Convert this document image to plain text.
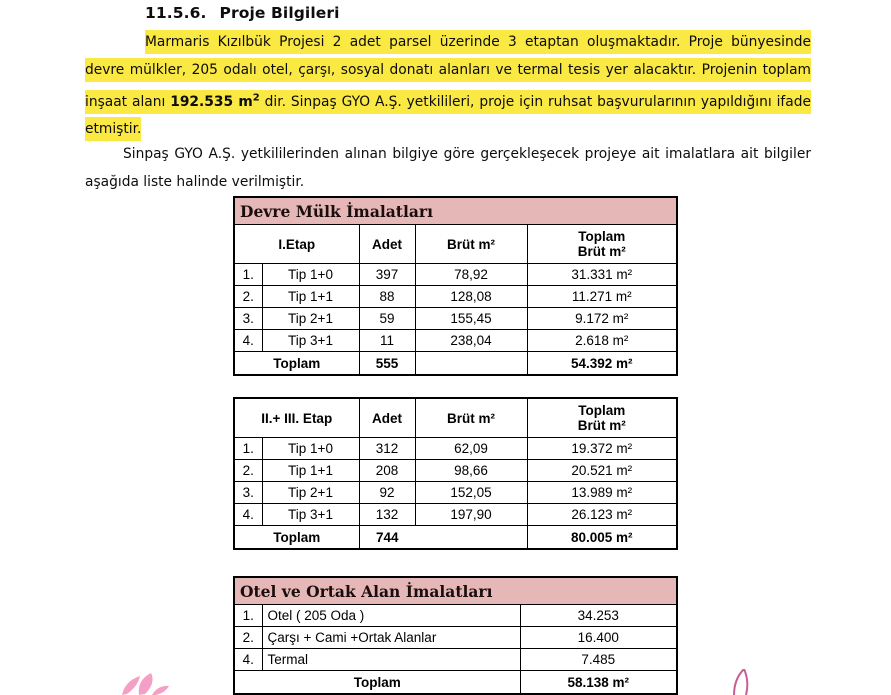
11.5.6. Proje Bilgileri

Marmaris Kızılbük Projesi 2 adet parsel üzerinde 3 etaptan oluşmaktadır. Proje bünyesinde devre mülkler, 205 odalı otel, çarşı, sosyal donatı alanları ve termal tesis yer alacaktır. Projenin toplam inşaat alanı 192.535 $m^2$ dir. Sinpaş GYO A.Ş. yetkilileri, proje için ruhsat başvurularının yapıldığını ifade etmiştir.

Sinpaş GYO A.Ş. yetkililerinden alınan bilgiye göre gerçekleşecek projeye ait imalatlara ait bilgiler aşağıda liste halinde verilmiştir.

Devre Mülk İmalatları				
I.Etap		Adet	Brüt m²	Toplam
Brüt m²

1.	Tip 1+0	397	78,92	31.331 m²
2.	Tip 1+1	88	128,08	11.271 m²
3.	Tip 2+1	59	155,45	9.172 m²
4.	Tip 3+1	11	238,04	2.618 m²
Toplam		555		54.392 m²
II.+ III. Etap		Adet	Brüt m²	Toplam
Brüt m²

1.	Tip 1+0	312	62,09	19.372 m²
2.	Tip 1+1	208	98,66	20.521 m²
3.	Tip 2+1	92	152,05	13.989 m²
4.	Tip 3+1	132	197,90	26.123 m²
Toplam		744		80.005 m²
Otel ve Ortak Alan İmalatları		
1.	Otel ( 205 Oda )	34.253
2.	Çarşı + Cami +Ortak Alanlar	16.400
4.	Termal	7.485
Toplam		58.138 m²
